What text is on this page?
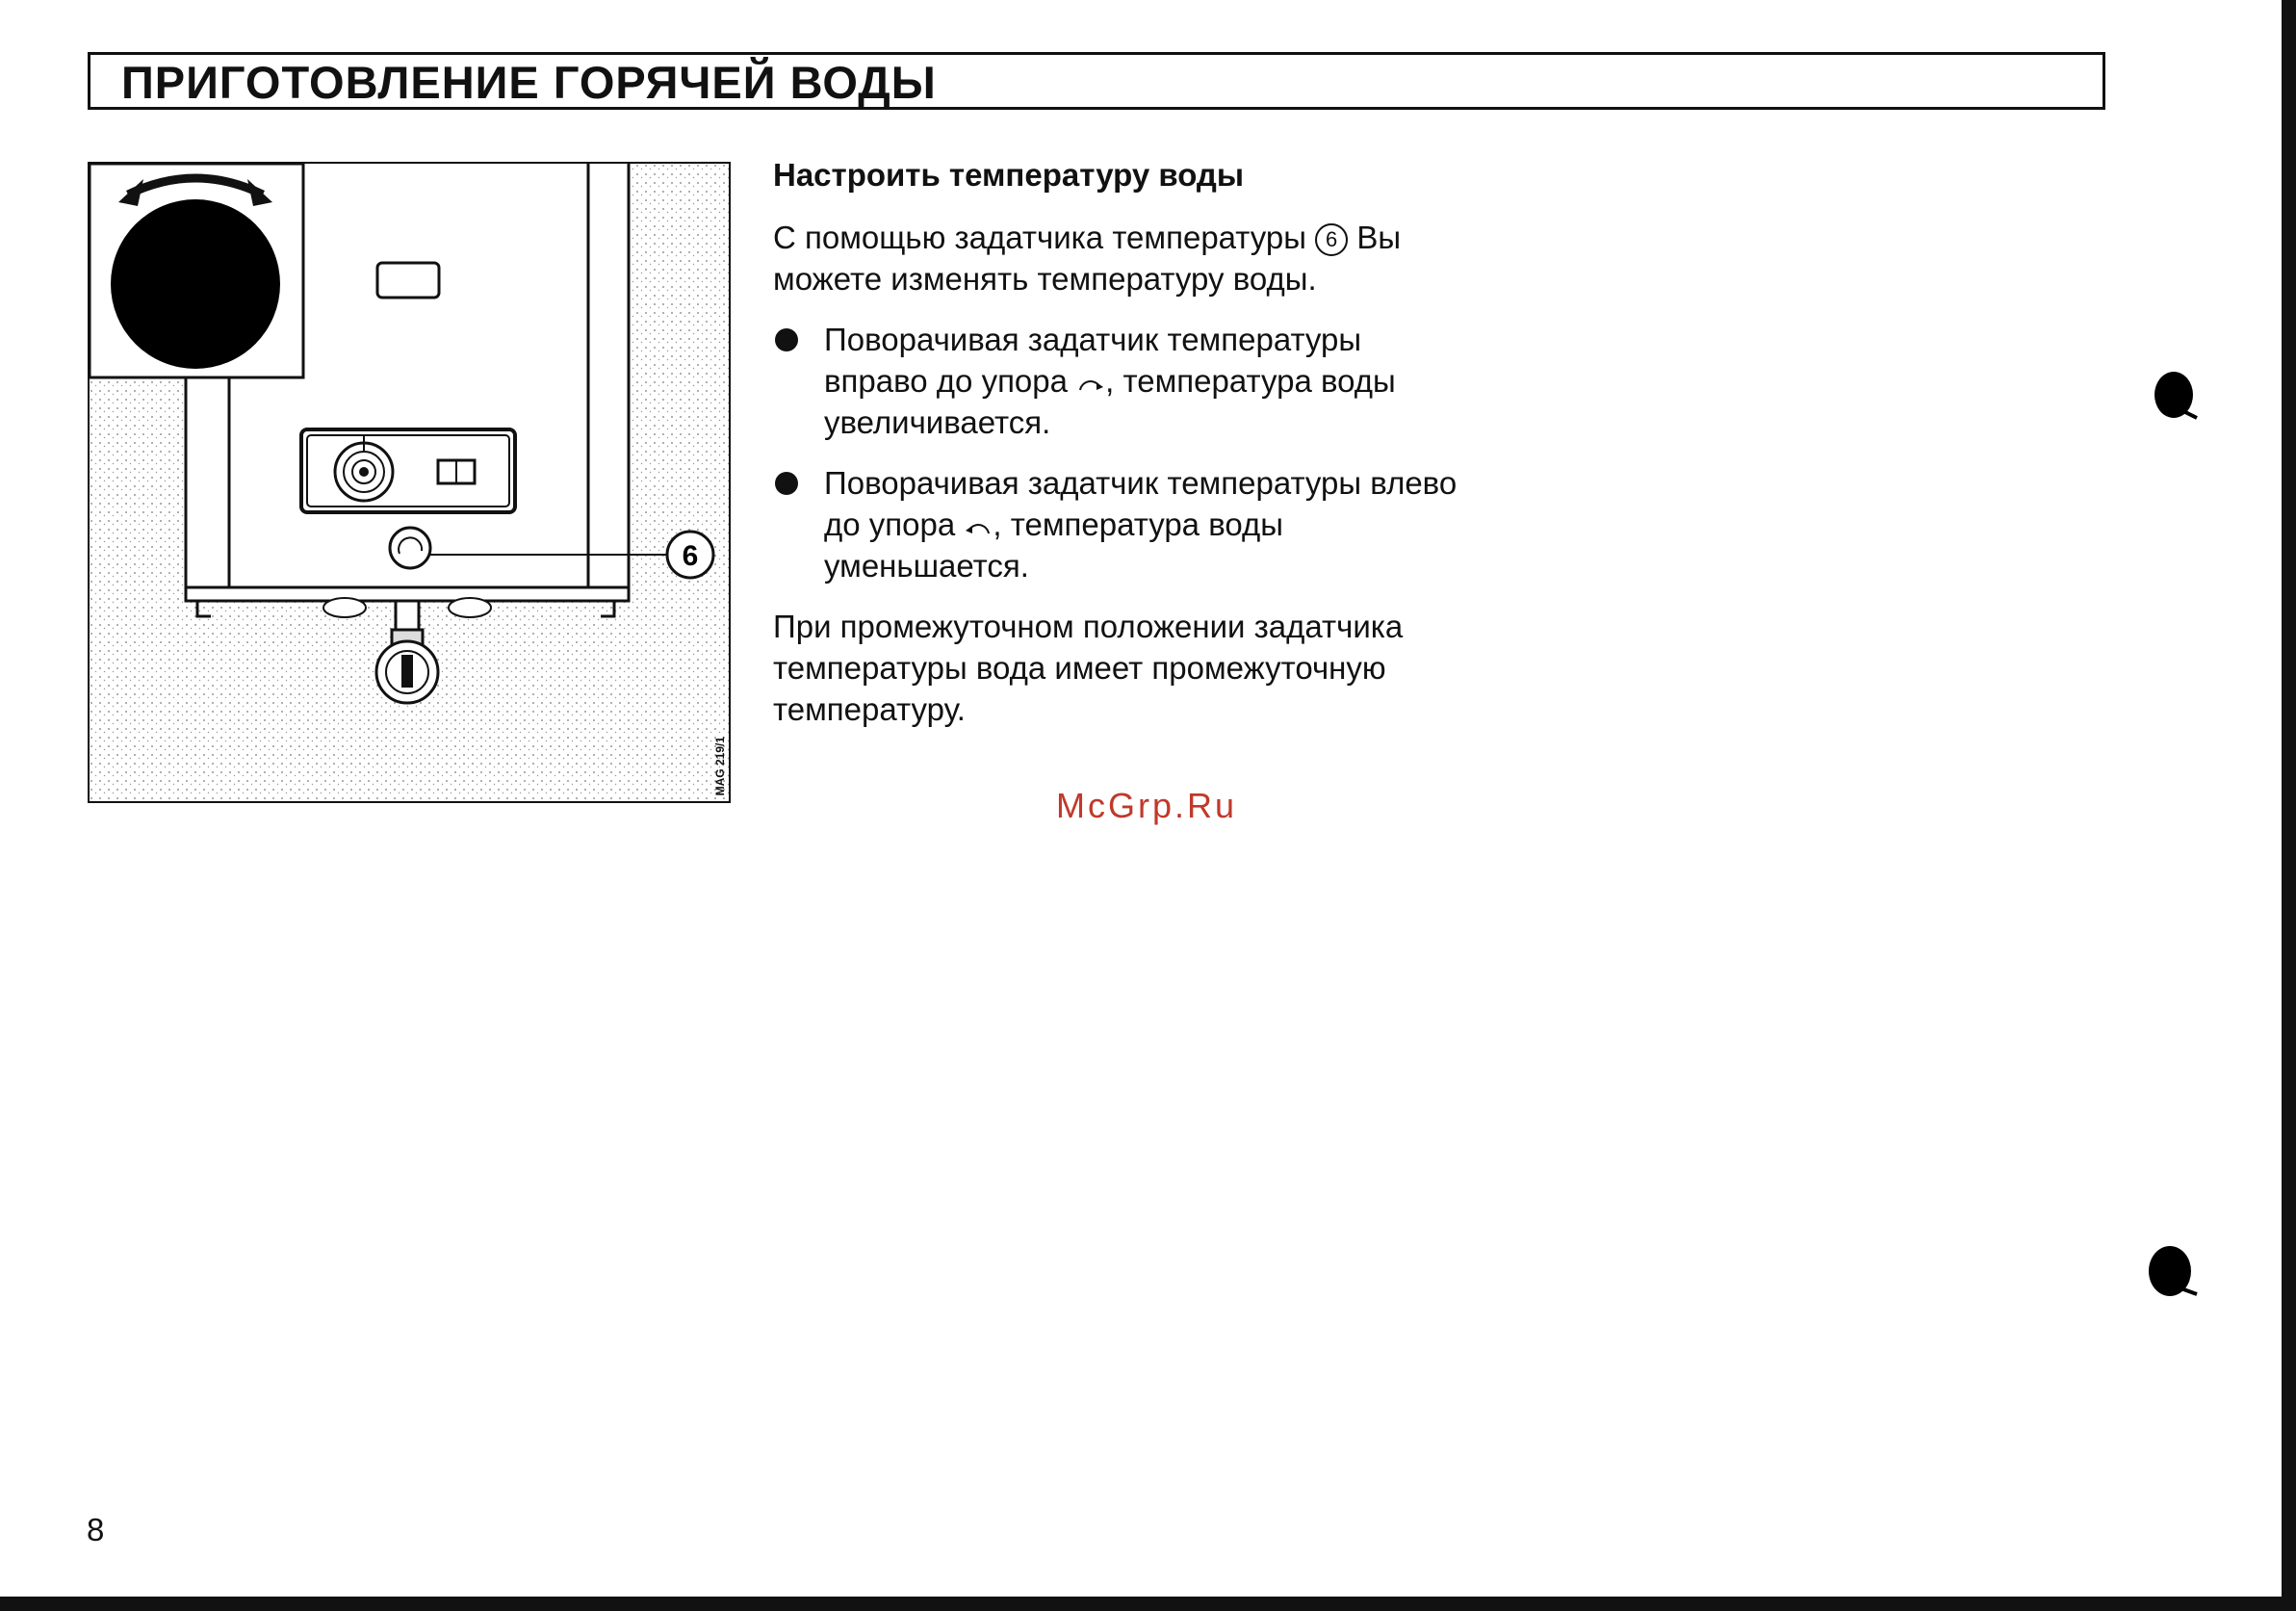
ПРИГОТОВЛЕНИЕ ГОРЯЧЕЙ ВОДЫ
6
MAG 219/1
Настроить температуру воды
С помощью задатчика температуры 6 Вы можете изменять температуру воды.
Поворачивая задатчик температуры вправо до упора , температура воды увеличивается.
Поворачивая задатчик температуры влево до упора , температура воды уменьшается.
При промежуточном положении задатчика температуры вода имеет промежуточную температуру.
McGrp.Ru
8
